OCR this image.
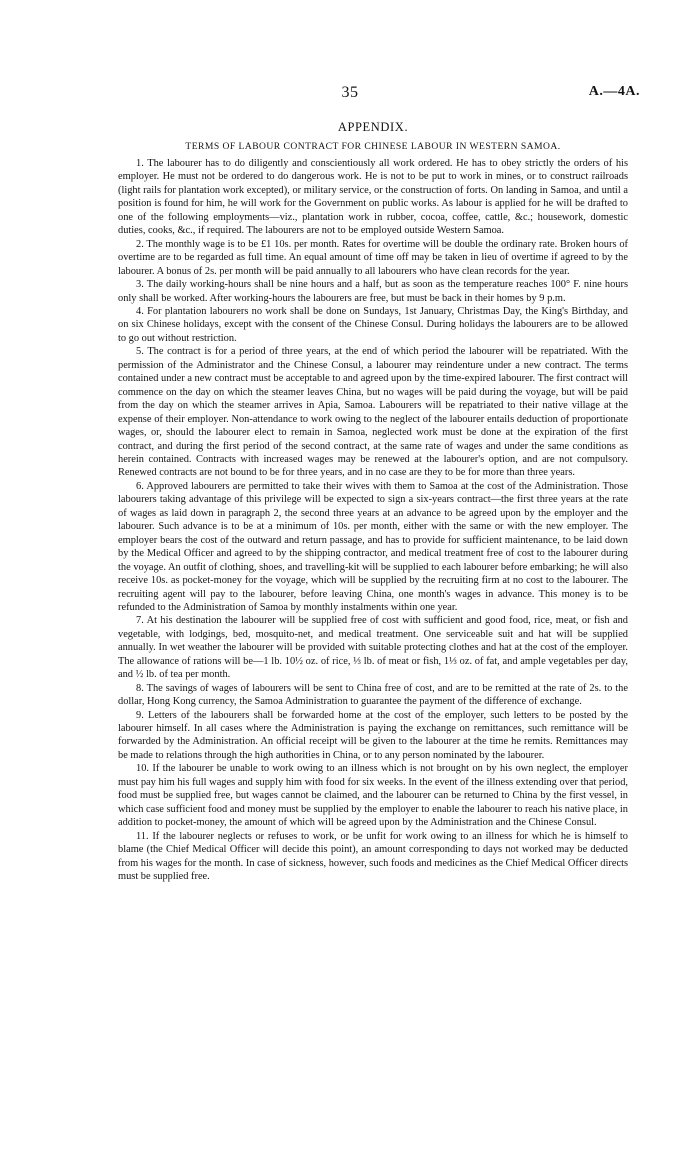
35	A.—4A.
APPENDIX.
TERMS OF LABOUR CONTRACT FOR CHINESE LABOUR IN WESTERN SAMOA.

1. The labourer has to do diligently and conscientiously all work ordered. He has to obey strictly the orders of his employer. He must not be ordered to do dangerous work. He is not to be put to work in mines, or to construct railroads (light rails for plantation work excepted), or military service, or the construction of forts. On landing in Samoa, and until a position is found for him, he will work for the Government on public works. As labour is applied for he will be drafted to one of the following employments—viz., plantation work in rubber, cocoa, coffee, cattle, &c.; housework, domestic duties, cooks, &c., if required. The labourers are not to be employed outside Western Samoa.

2. The monthly wage is to be £1 10s. per month. Rates for overtime will be double the ordinary rate. Broken hours of overtime are to be regarded as full time. An equal amount of time off may be taken in lieu of overtime if agreed to by the labourer. A bonus of 2s. per month will be paid annually to all labourers who have clean records for the year.

3. The daily working-hours shall be nine hours and a half, but as soon as the temperature reaches 100° F. nine hours only shall be worked. After working-hours the labourers are free, but must be back in their homes by 9 p.m.

4. For plantation labourers no work shall be done on Sundays, 1st January, Christmas Day, the King's Birthday, and on six Chinese holidays, except with the consent of the Chinese Consul. During holidays the labourers are to be allowed to go out without restriction.

5. The contract is for a period of three years, at the end of which period the labourer will be repatriated. With the permission of the Administrator and the Chinese Consul, a labourer may reindenture under a new contract. The terms contained under a new contract must be acceptable to and agreed upon by the time-expired labourer. The first contract will commence on the day on which the steamer leaves China, but no wages will be paid during the voyage, but will be paid from the day on which the steamer arrives in Apia, Samoa. Labourers will be repatriated to their native village at the expense of their employer. Non-attendance to work owing to the neglect of the labourer entails deduction of proportionate wages, or, should the labourer elect to remain in Samoa, neglected work must be done at the expiration of the first contract, and during the first period of the second contract, at the same rate of wages and under the same conditions as herein contained. Contracts with increased wages may be renewed at the labourer's option, and are not compulsory. Renewed contracts are not bound to be for three years, and in no case are they to be for more than three years.

6. Approved labourers are permitted to take their wives with them to Samoa at the cost of the Administration. Those labourers taking advantage of this privilege will be expected to sign a six-years contract—the first three years at the rate of wages as laid down in paragraph 2, the second three years at an advance to be agreed upon by the employer and the labourer. Such advance is to be at a minimum of 10s. per month, either with the same or with the new employer. The employer bears the cost of the outward and return passage, and has to provide for sufficient maintenance, to be laid down by the Medical Officer and agreed to by the shipping contractor, and medical treatment free of cost to the labourer during the voyage. An outfit of clothing, shoes, and travelling-kit will be supplied to each labourer before embarking; he will also receive 10s. as pocket-money for the voyage, which will be supplied by the recruiting firm at no cost to the labourer. The recruiting agent will pay to the labourer, before leaving China, one month's wages in advance. This money is to be refunded to the Administration of Samoa by monthly instalments within one year.

7. At his destination the labourer will be supplied free of cost with sufficient and good food, rice, meat, or fish and vegetable, with lodgings, bed, mosquito-net, and medical treatment. One serviceable suit and hat will be supplied annually. In wet weather the labourer will be provided with suitable protecting clothes and hat at the cost of the employer. The allowance of rations will be—1 lb. 10½ oz. of rice, ⅓ lb. of meat or fish, 1⅓ oz. of fat, and ample vegetables per day, and ½ lb. of tea per month.

8. The savings of wages of labourers will be sent to China free of cost, and are to be remitted at the rate of 2s. to the dollar, Hong Kong currency, the Samoa Administration to guarantee the payment of the difference of exchange.

9. Letters of the labourers shall be forwarded home at the cost of the employer, such letters to be posted by the labourer himself. In all cases where the Administration is paying the exchange on remittances, such remittance will be forwarded by the Administration. An official receipt will be given to the labourer at the time he remits. Remittances may be made to relations through the high authorities in China, or to any person nominated by the labourer.

10. If the labourer be unable to work owing to an illness which is not brought on by his own neglect, the employer must pay him his full wages and supply him with food for six weeks. In the event of the illness extending over that period, food must be supplied free, but wages cannot be claimed, and the labourer can be returned to China by the first vessel, in which case sufficient food and money must be supplied by the employer to enable the labourer to reach his native place, in addition to pocket-money, the amount of which will be agreed upon by the Administration and the Chinese Consul.

11. If the labourer neglects or refuses to work, or be unfit for work owing to an illness for which he is himself to blame (the Chief Medical Officer will decide this point), an amount corresponding to days not worked may be deducted from his wages for the month. In case of sickness, however, such foods and medicines as the Chief Medical Officer directs must be supplied free.
